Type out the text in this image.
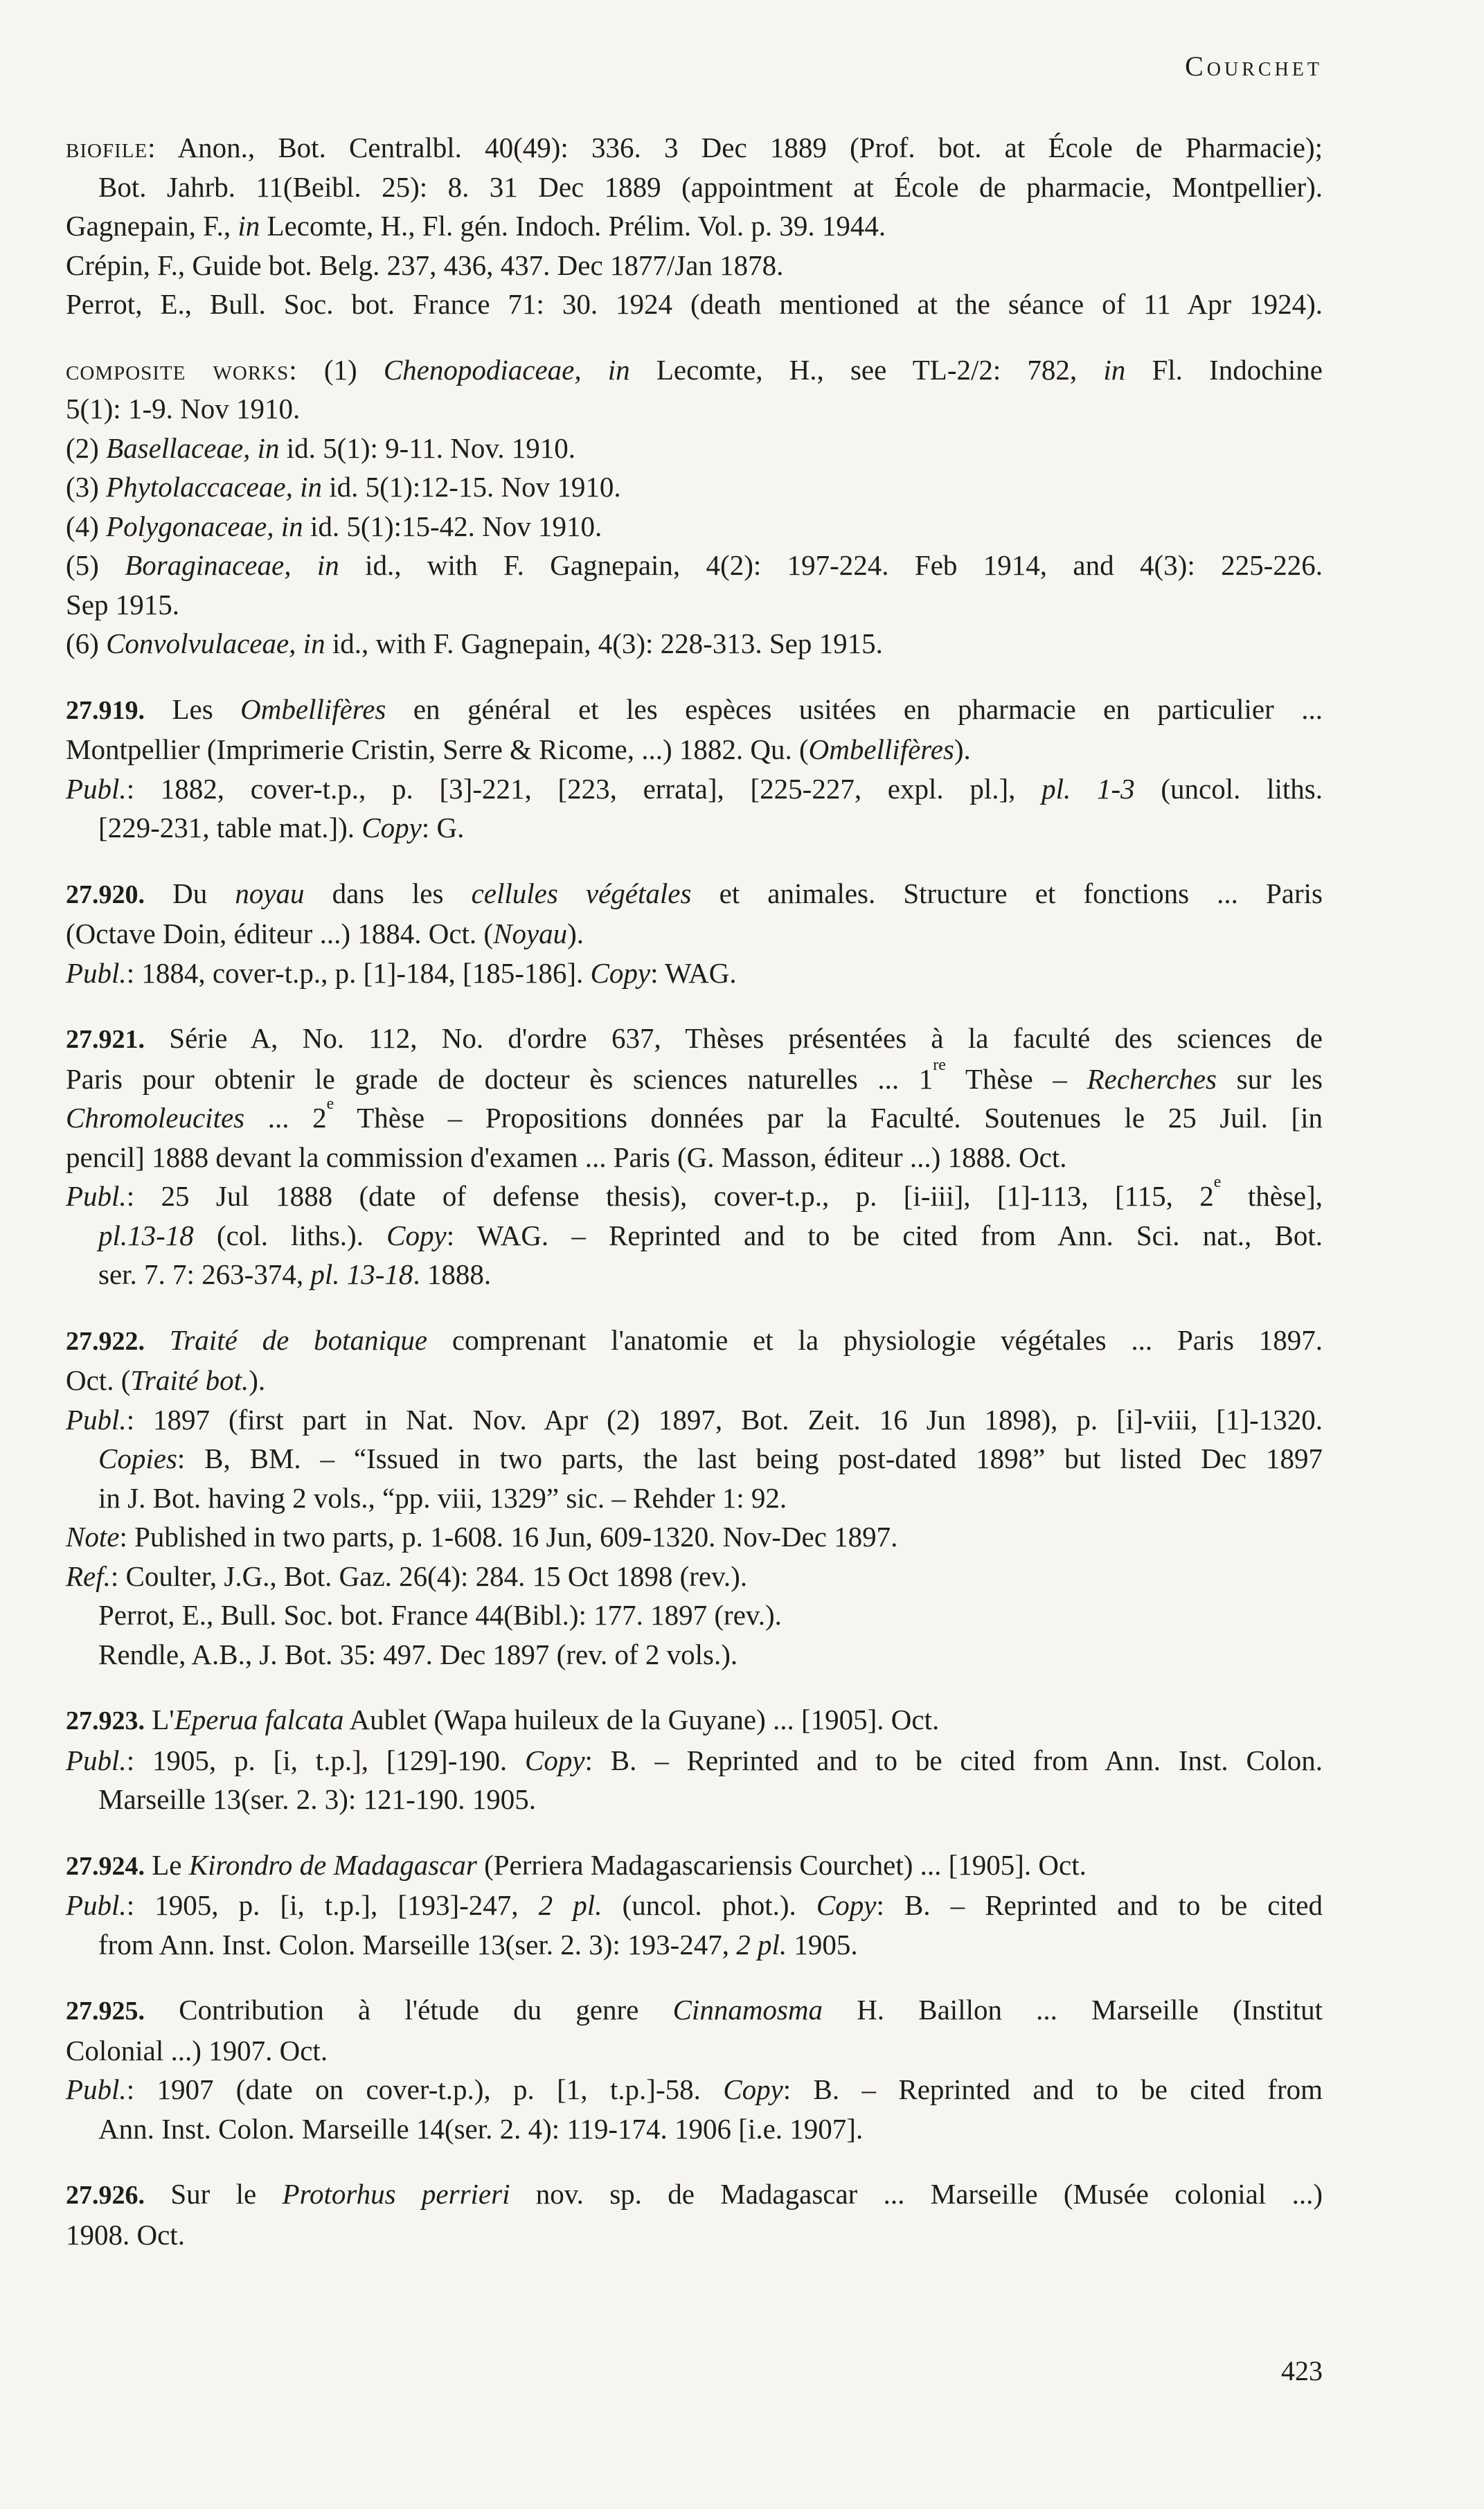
Courchet
biofile: Anon., Bot. Centralbl. 40(49): 336. 3 Dec 1889 (Prof. bot. at École de Pharmacie);
Bot. Jahrb. 11(Beibl. 25): 8. 31 Dec 1889 (appointment at École de pharmacie, Montpellier).
Gagnepain, F., in Lecomte, H., Fl. gén. Indoch. Prélim. Vol. p. 39. 1944.
Crépin, F., Guide bot. Belg. 237, 436, 437. Dec 1877/Jan 1878.
Perrot, E., Bull. Soc. bot. France 71: 30. 1924 (death mentioned at the séance of 11 Apr 1924).
composite works: (1) Chenopodiaceae, in Lecomte, H., see TL-2/2: 782, in Fl. Indochine
5(1): 1-9. Nov 1910.
(2) Basellaceae, in id. 5(1): 9-11. Nov. 1910.
(3) Phytolaccaceae, in id. 5(1):12-15. Nov 1910.
(4) Polygonaceae, in id. 5(1):15-42. Nov 1910.
(5) Boraginaceae, in id., with F. Gagnepain, 4(2): 197-224. Feb 1914, and 4(3): 225-226.
Sep 1915.
(6) Convolvulaceae, in id., with F. Gagnepain, 4(3): 228-313. Sep 1915.
27.919. Les Ombellifères en général et les espèces usitées en pharmacie en particulier ...
Montpellier (Imprimerie Cristin, Serre & Ricome, ...) 1882. Qu. (Ombellifères).
Publ.: 1882, cover-t.p., p. [3]-221, [223, errata], [225-227, expl. pl.], pl. 1-3 (uncol. liths.
[229-231, table mat.]). Copy: G.
27.920. Du noyau dans les cellules végétales et animales. Structure et fonctions ... Paris
(Octave Doin, éditeur ...) 1884. Oct. (Noyau).
Publ.: 1884, cover-t.p., p. [1]-184, [185-186]. Copy: WAG.
27.921. Série A, No. 112, No. d'ordre 637, Thèses présentées à la faculté des sciences de
Paris pour obtenir le grade de docteur ès sciences naturelles ... 1re Thèse – Recherches sur les
Chromoleucites ... 2e Thèse – Propositions données par la Faculté. Soutenues le 25 Juil. [in
pencil] 1888 devant la commission d'examen ... Paris (G. Masson, éditeur ...) 1888. Oct.
Publ.: 25 Jul 1888 (date of defense thesis), cover-t.p., p. [i-iii], [1]-113, [115, 2e thèse],
pl.13-18 (col. liths.). Copy: WAG. – Reprinted and to be cited from Ann. Sci. nat., Bot.
ser. 7. 7: 263-374, pl. 13-18. 1888.
27.922. Traité de botanique comprenant l'anatomie et la physiologie végétales ... Paris 1897.
Oct. (Traité bot.).
Publ.: 1897 (first part in Nat. Nov. Apr (2) 1897, Bot. Zeit. 16 Jun 1898), p. [i]-viii, [1]-1320.
Copies: B, BM. – “Issued in two parts, the last being post-dated 1898” but listed Dec 1897
in J. Bot. having 2 vols., “pp. viii, 1329” sic. – Rehder 1: 92.
Note: Published in two parts, p. 1-608. 16 Jun, 609-1320. Nov-Dec 1897.
Ref.: Coulter, J.G., Bot. Gaz. 26(4): 284. 15 Oct 1898 (rev.).
Perrot, E., Bull. Soc. bot. France 44(Bibl.): 177. 1897 (rev.).
Rendle, A.B., J. Bot. 35: 497. Dec 1897 (rev. of 2 vols.).
27.923. L'Eperua falcata Aublet (Wapa huileux de la Guyane) ... [1905]. Oct.
Publ.: 1905, p. [i, t.p.], [129]-190. Copy: B. – Reprinted and to be cited from Ann. Inst. Colon.
Marseille 13(ser. 2. 3): 121-190. 1905.
27.924. Le Kirondro de Madagascar (Perriera Madagascariensis Courchet) ... [1905]. Oct.
Publ.: 1905, p. [i, t.p.], [193]-247, 2 pl. (uncol. phot.). Copy: B. – Reprinted and to be cited
from Ann. Inst. Colon. Marseille 13(ser. 2. 3): 193-247, 2 pl. 1905.
27.925. Contribution à l'étude du genre Cinnamosma H. Baillon ... Marseille (Institut
Colonial ...) 1907. Oct.
Publ.: 1907 (date on cover-t.p.), p. [1, t.p.]-58. Copy: B. – Reprinted and to be cited from
Ann. Inst. Colon. Marseille 14(ser. 2. 4): 119-174. 1906 [i.e. 1907].
27.926. Sur le Protorhus perrieri nov. sp. de Madagascar ... Marseille (Musée colonial ...)
1908. Oct.
423
